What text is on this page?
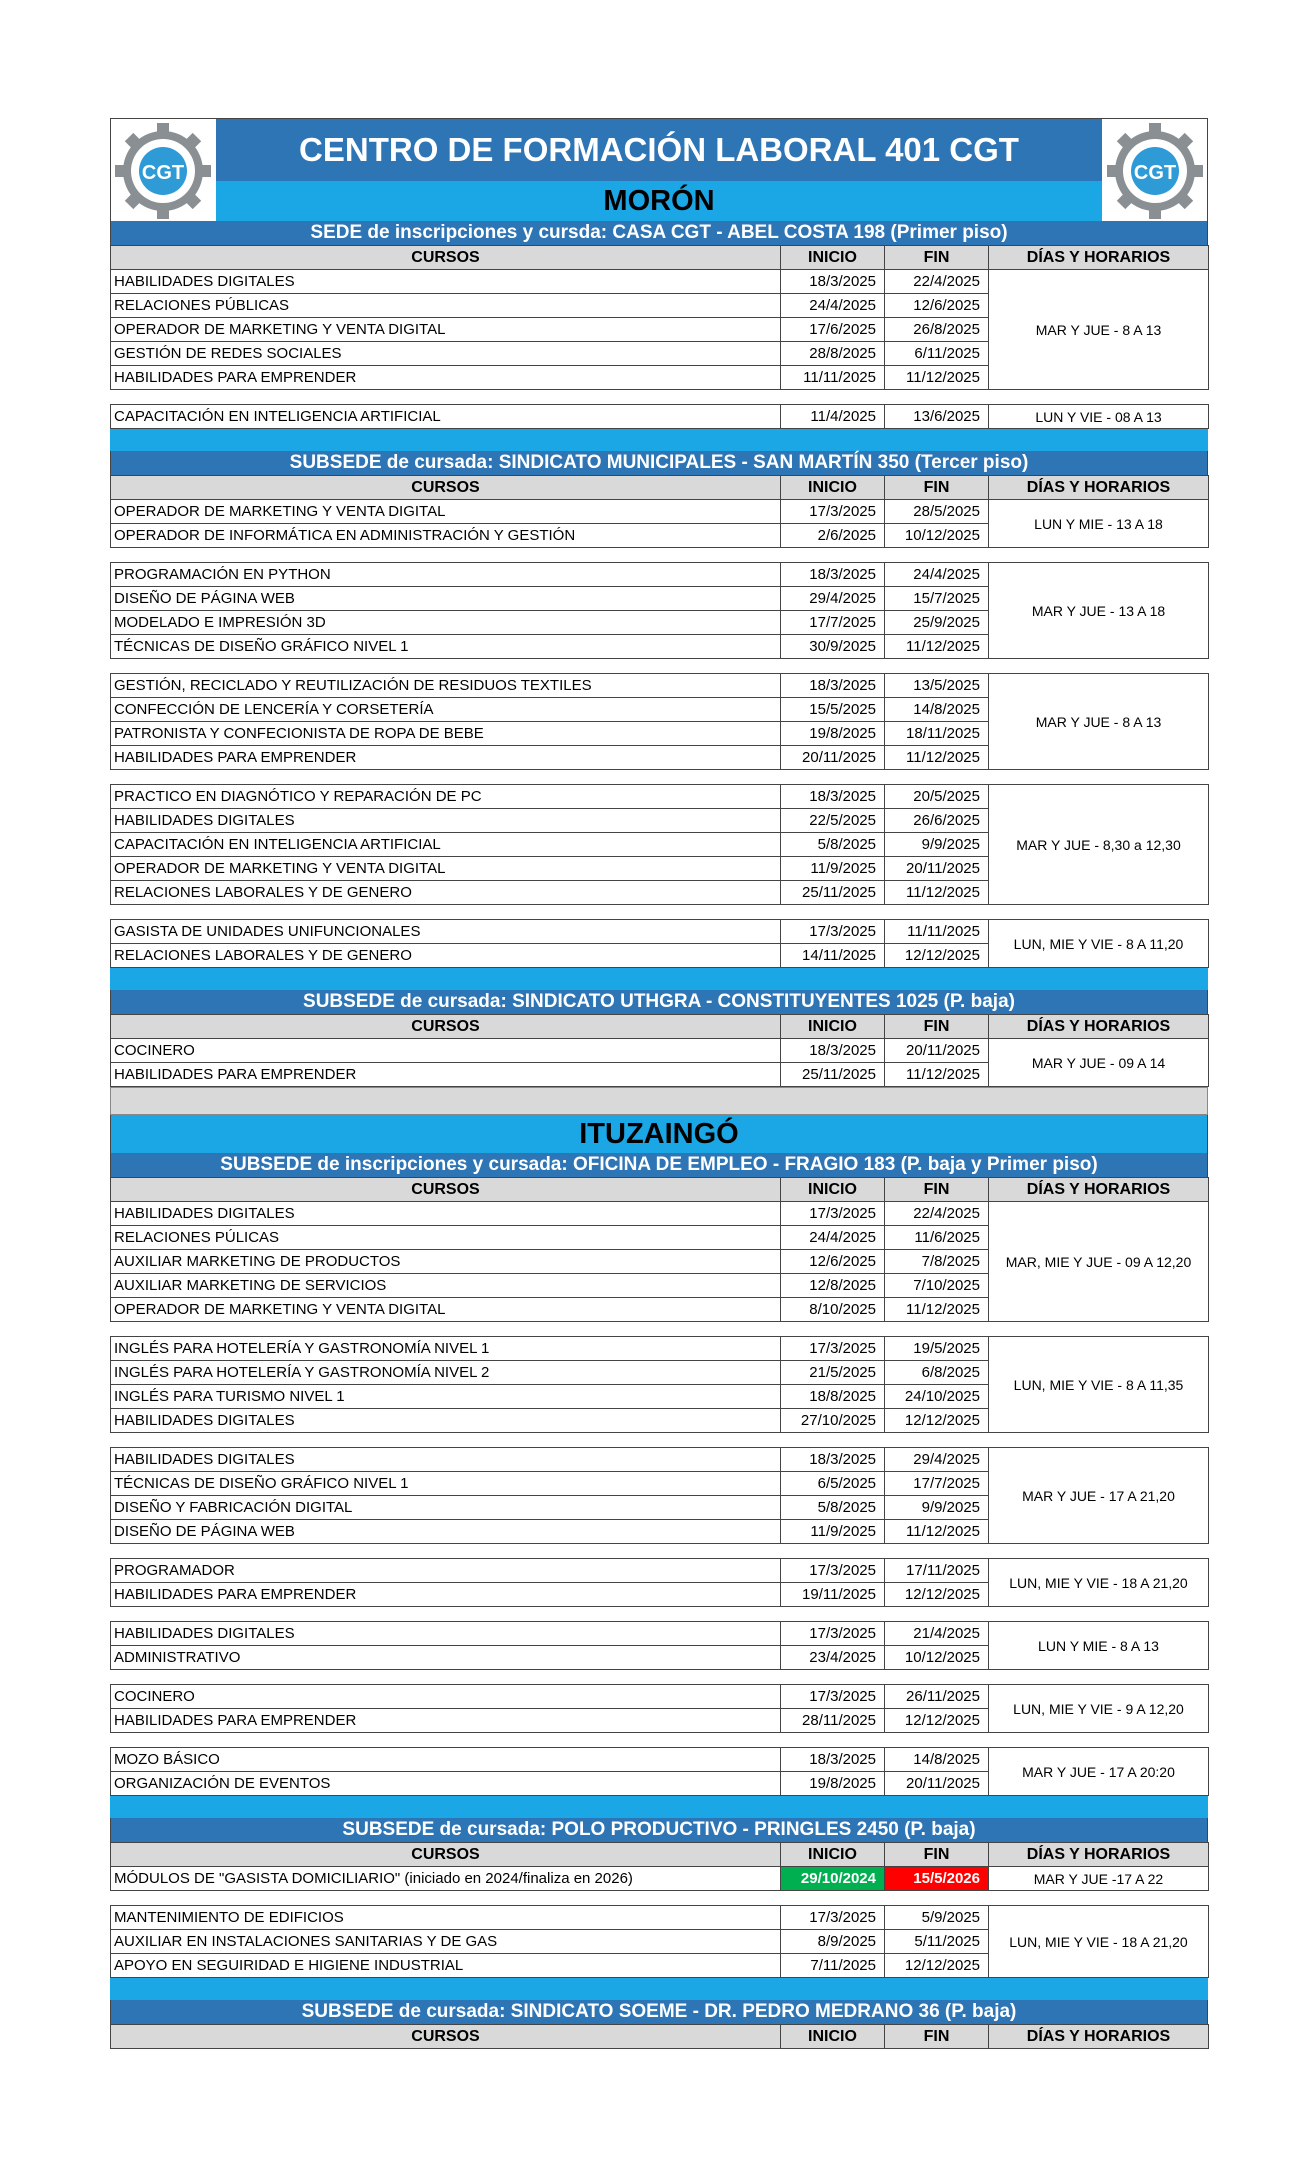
CGT
CENTRO DE FORMACIÓN LABORAL 401 CGT
MORÓN
CGT
SEDE de inscripciones y cursda: CASA CGT - ABEL COSTA 198 (Primer piso)
CURSOS	INICIO	FIN	DÍAS Y HORARIOS
HABILIDADES DIGITALES	18/3/2025	22/4/2025	MAR Y JUE - 8 A 13
RELACIONES PÚBLICAS	24/4/2025	12/6/2025	
OPERADOR DE MARKETING Y VENTA DIGITAL	17/6/2025	26/8/2025	
GESTIÓN DE REDES SOCIALES	28/8/2025	6/11/2025	
HABILIDADES PARA EMPRENDER	11/11/2025	11/12/2025	
CAPACITACIÓN EN INTELIGENCIA ARTIFICIAL	11/4/2025	13/6/2025	LUN Y VIE - 08 A 13
SUBSEDE de cursada: SINDICATO MUNICIPALES - SAN MARTÍN 350 (Tercer piso)
CURSOS	INICIO	FIN	DÍAS Y HORARIOS
OPERADOR DE MARKETING Y VENTA DIGITAL	17/3/2025	28/5/2025	LUN Y MIE - 13 A 18
OPERADOR DE INFORMÁTICA EN ADMINISTRACIÓN Y GESTIÓN	2/6/2025	10/12/2025	
PROGRAMACIÓN EN PYTHON	18/3/2025	24/4/2025	MAR Y JUE - 13 A 18
DISEÑO DE PÁGINA WEB	29/4/2025	15/7/2025	
MODELADO E IMPRESIÓN 3D	17/7/2025	25/9/2025	
TÉCNICAS DE DISEÑO GRÁFICO NIVEL 1	30/9/2025	11/12/2025	
GESTIÓN, RECICLADO Y REUTILIZACIÓN DE RESIDUOS TEXTILES	18/3/2025	13/5/2025	MAR Y JUE - 8 A 13
CONFECCIÓN DE LENCERÍA Y CORSETERÍA	15/5/2025	14/8/2025	
PATRONISTA Y CONFECIONISTA DE ROPA DE BEBE	19/8/2025	18/11/2025	
HABILIDADES PARA EMPRENDER	20/11/2025	11/12/2025	
PRACTICO EN DIAGNÓTICO Y REPARACIÓN DE PC	18/3/2025	20/5/2025	MAR Y JUE - 8,30 a 12,30
HABILIDADES DIGITALES	22/5/2025	26/6/2025	
CAPACITACIÓN EN INTELIGENCIA ARTIFICIAL	5/8/2025	9/9/2025	
OPERADOR DE MARKETING Y VENTA DIGITAL	11/9/2025	20/11/2025	
RELACIONES LABORALES Y DE GENERO	25/11/2025	11/12/2025	
GASISTA DE UNIDADES UNIFUNCIONALES	17/3/2025	11/11/2025	LUN, MIE Y VIE - 8 A 11,20
RELACIONES LABORALES Y DE GENERO	14/11/2025	12/12/2025	
SUBSEDE de cursada: SINDICATO UTHGRA - CONSTITUYENTES 1025 (P. baja)
CURSOS	INICIO	FIN	DÍAS Y HORARIOS
COCINERO	18/3/2025	20/11/2025	MAR Y JUE - 09 A 14
HABILIDADES PARA EMPRENDER	25/11/2025	11/12/2025	
ITUZAINGÓ
SUBSEDE de inscripciones y cursada: OFICINA DE EMPLEO - FRAGIO 183 (P. baja y Primer piso)
CURSOS	INICIO	FIN	DÍAS Y HORARIOS
HABILIDADES DIGITALES	17/3/2025	22/4/2025	MAR, MIE Y JUE - 09 A 12,20
RELACIONES PÚLICAS	24/4/2025	11/6/2025	
AUXILIAR MARKETING DE PRODUCTOS	12/6/2025	7/8/2025	
AUXILIAR MARKETING DE SERVICIOS	12/8/2025	7/10/2025	
OPERADOR DE MARKETING Y VENTA DIGITAL	8/10/2025	11/12/2025	
INGLÉS PARA HOTELERÍA Y GASTRONOMÍA NIVEL 1	17/3/2025	19/5/2025	LUN, MIE Y VIE - 8 A 11,35
INGLÉS PARA HOTELERÍA Y GASTRONOMÍA NIVEL 2	21/5/2025	6/8/2025	
INGLÉS PARA TURISMO NIVEL 1	18/8/2025	24/10/2025	
HABILIDADES DIGITALES	27/10/2025	12/12/2025	
HABILIDADES DIGITALES	18/3/2025	29/4/2025	MAR Y JUE - 17 A 21,20
TÉCNICAS DE DISEÑO GRÁFICO NIVEL 1	6/5/2025	17/7/2025	
DISEÑO Y FABRICACIÓN DIGITAL	5/8/2025	9/9/2025	
DISEÑO DE PÁGINA WEB	11/9/2025	11/12/2025	
PROGRAMADOR	17/3/2025	17/11/2025	LUN, MIE Y VIE - 18 A 21,20
HABILIDADES PARA EMPRENDER	19/11/2025	12/12/2025	
HABILIDADES DIGITALES	17/3/2025	21/4/2025	LUN Y MIE - 8 A 13
ADMINISTRATIVO	23/4/2025	10/12/2025	
COCINERO	17/3/2025	26/11/2025	LUN, MIE Y VIE - 9 A 12,20
HABILIDADES PARA EMPRENDER	28/11/2025	12/12/2025	
MOZO BÁSICO	18/3/2025	14/8/2025	MAR Y JUE - 17 A 20:20
ORGANIZACIÓN DE EVENTOS	19/8/2025	20/11/2025	
SUBSEDE de cursada: POLO PRODUCTIVO - PRINGLES 2450 (P. baja)
CURSOS	INICIO	FIN	DÍAS Y HORARIOS
MÓDULOS DE "GASISTA DOMICILIARIO" (iniciado en 2024/finaliza en 2026)	29/10/2024	15/5/2026	MAR Y JUE -17 A 22
MANTENIMIENTO DE EDIFICIOS	17/3/2025	5/9/2025	LUN, MIE Y VIE - 18 A 21,20
AUXILIAR EN INSTALACIONES SANITARIAS Y DE GAS	8/9/2025	5/11/2025	
APOYO EN SEGUIRIDAD E HIGIENE INDUSTRIAL	7/11/2025	12/12/2025	
SUBSEDE de cursada: SINDICATO SOEME - DR. PEDRO MEDRANO 36 (P. baja)
CURSOS	INICIO	FIN	DÍAS Y HORARIOS
